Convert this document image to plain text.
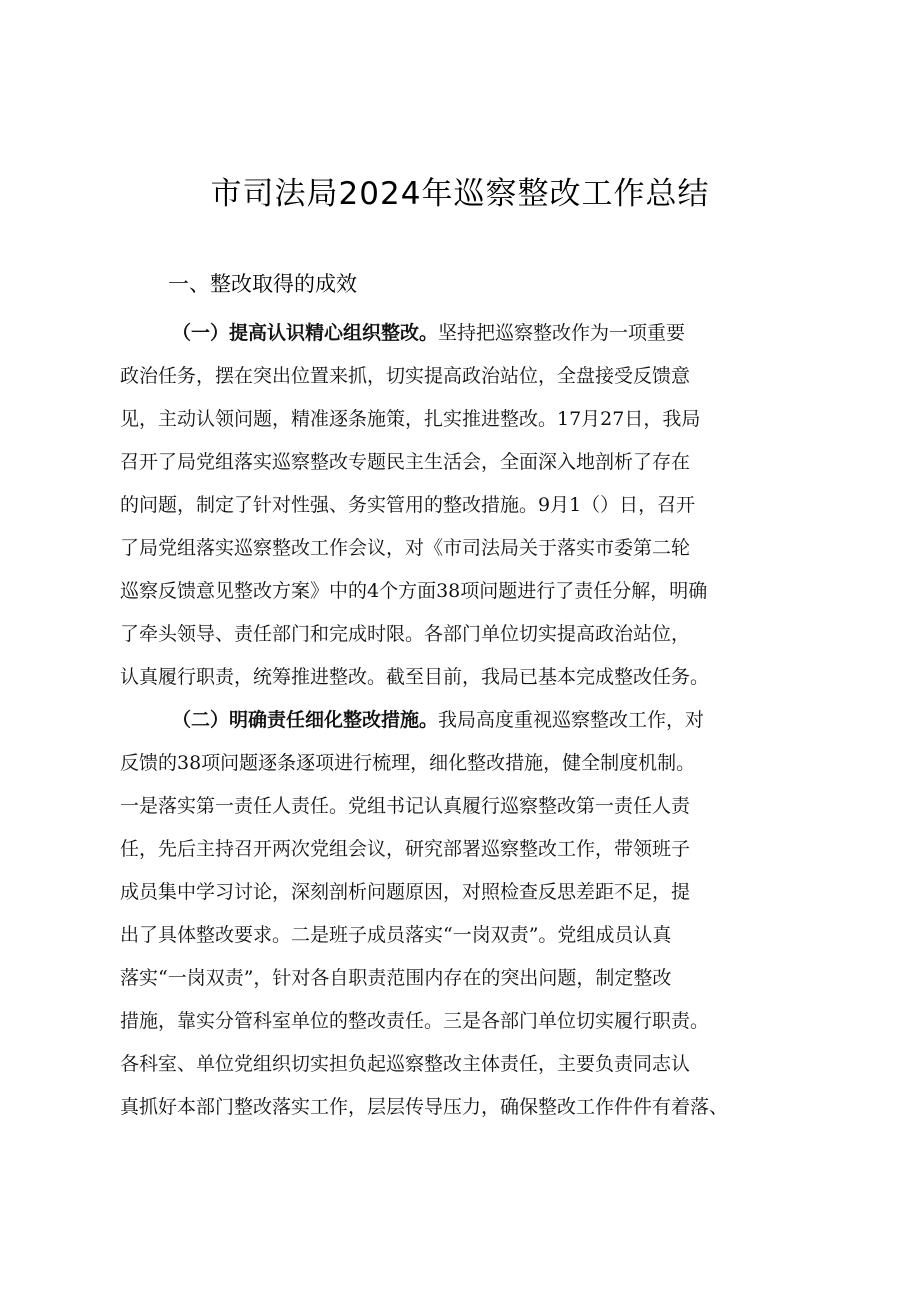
市司法局2024年巡察整改工作总结
一、整改取得的成效
（一）提高认识精心组织整改。坚持把巡察整改作为一项重要
政治任务，摆在突出位置来抓，切实提高政治站位，全盘接受反馈意
见，主动认领问题，精准逐条施策，扎实推进整改。17月27日，我局
召开了局党组落实巡察整改专题民主生活会，全面深入地剖析了存在
的问题，制定了针对性强、务实管用的整改措施。9月1（）日，召开
了局党组落实巡察整改工作会议，对《市司法局关于落实市委第二轮
巡察反馈意见整改方案》中的4个方面38项问题进行了责任分解，明确
了牵头领导、责任部门和完成时限。各部门单位切实提高政治站位，
认真履行职责，统筹推进整改。截至目前，我局已基本完成整改任务。
（二）明确责任细化整改措施。我局高度重视巡察整改工作，对
反馈的38项问题逐条逐项进行梳理，细化整改措施，健全制度机制。
一是落实第一责任人责任。党组书记认真履行巡察整改第一责任人责
任，先后主持召开两次党组会议，研究部署巡察整改工作，带领班子
成员集中学习讨论，深刻剖析问题原因，对照检查反思差距不足，提
出了具体整改要求。二是班子成员落实“一岗双责”。党组成员认真
落实“一岗双责”，针对各自职责范围内存在的突出问题，制定整改
措施，靠实分管科室单位的整改责任。三是各部门单位切实履行职责。
各科室、单位党组织切实担负起巡察整改主体责任，主要负责同志认
真抓好本部门整改落实工作，层层传导压力，确保整改工作件件有着落、
